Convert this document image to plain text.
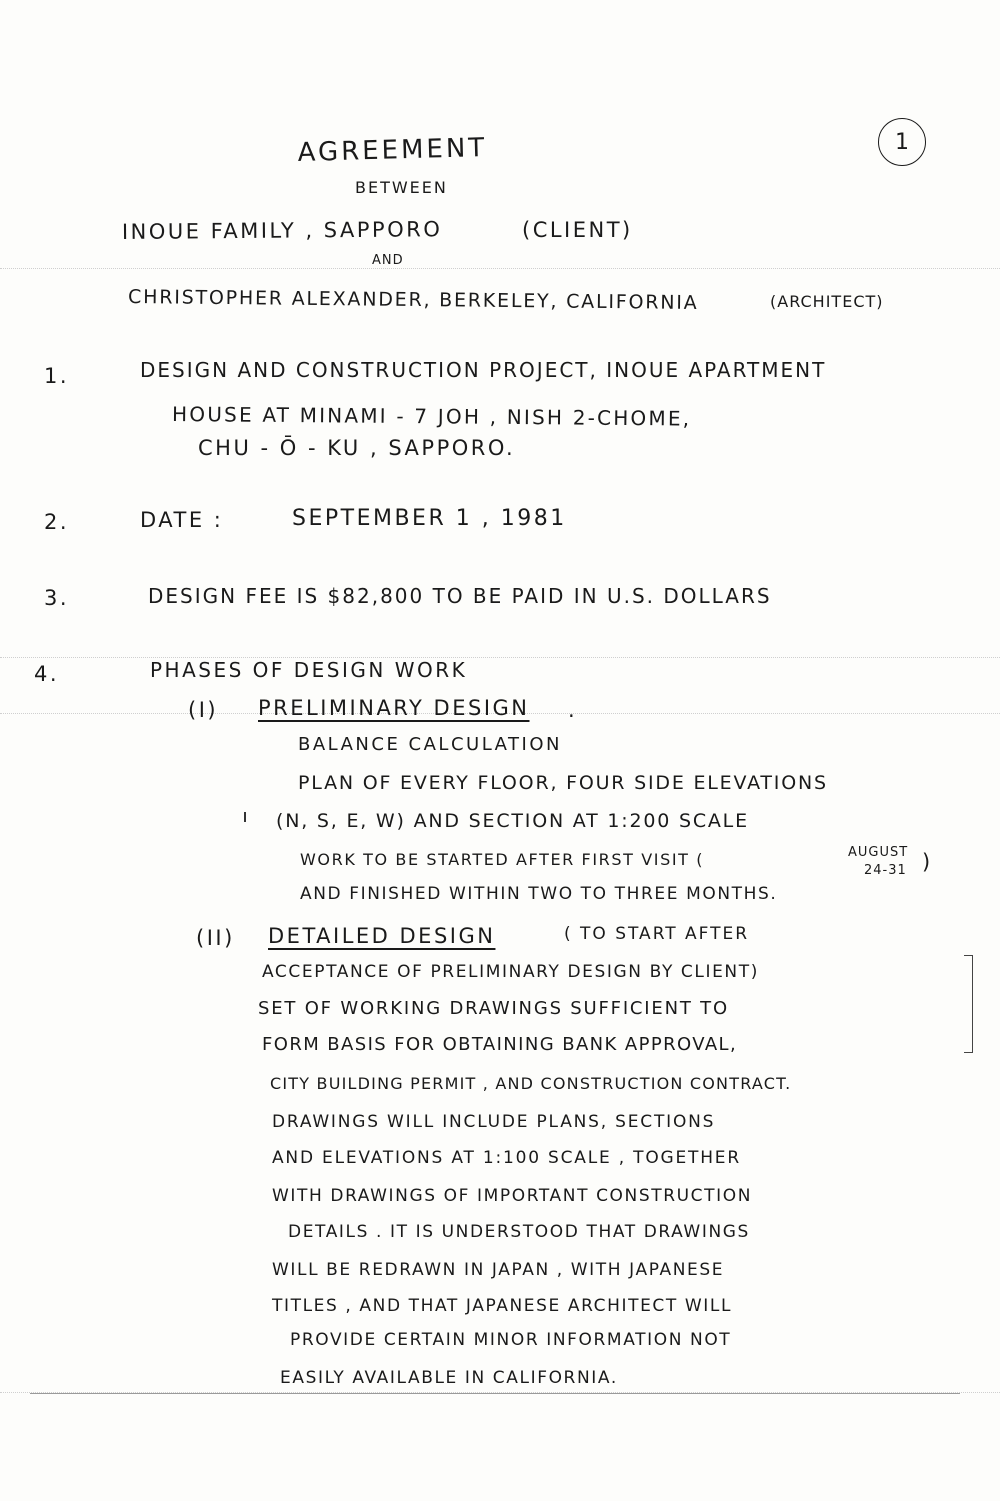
1
AGREEMENT
BETWEEN
INOUE FAMILY , SAPPORO	(CLIENT)
AND
CHRISTOPHER ALEXANDER, BERKELEY, CALIFORNIA	(ARCHITECT)
1.	DESIGN AND CONSTRUCTION PROJECT, INOUE APARTMENT
HOUSE AT MINAMI - 7 JOH , NISH 2-CHOME,
CHU - Ō - KU , SAPPORO.
2.	DATE :	SEPTEMBER 1 , 1981
3.	DESIGN FEE IS $82,800 TO BE PAID IN U.S. DOLLARS
4.	PHASES OF DESIGN WORK
(I) PRELIMINARY DESIGN .
BALANCE CALCULATION
PLAN OF EVERY FLOOR, FOUR SIDE ELEVATIONS
(N, S, E, W) AND SECTION AT 1:200 SCALE
WORK TO BE STARTED AFTER FIRST VISIT (	AUGUST
24-31 )
AND FINISHED WITHIN TWO TO THREE MONTHS.
(II) DETAILED DESIGN	( TO START AFTER
ACCEPTANCE OF PRELIMINARY DESIGN BY CLIENT)
SET OF WORKING DRAWINGS SUFFICIENT TO
FORM BASIS FOR OBTAINING BANK APPROVAL,
CITY BUILDING PERMIT , AND CONSTRUCTION CONTRACT.
DRAWINGS WILL INCLUDE PLANS, SECTIONS
AND ELEVATIONS AT 1:100 SCALE , TOGETHER
WITH DRAWINGS OF IMPORTANT CONSTRUCTION
DETAILS . IT IS UNDERSTOOD THAT DRAWINGS
WILL BE REDRAWN IN JAPAN , WITH JAPANESE
TITLES , AND THAT JAPANESE ARCHITECT WILL
PROVIDE CERTAIN MINOR INFORMATION NOT
EASILY AVAILABLE IN CALIFORNIA.
